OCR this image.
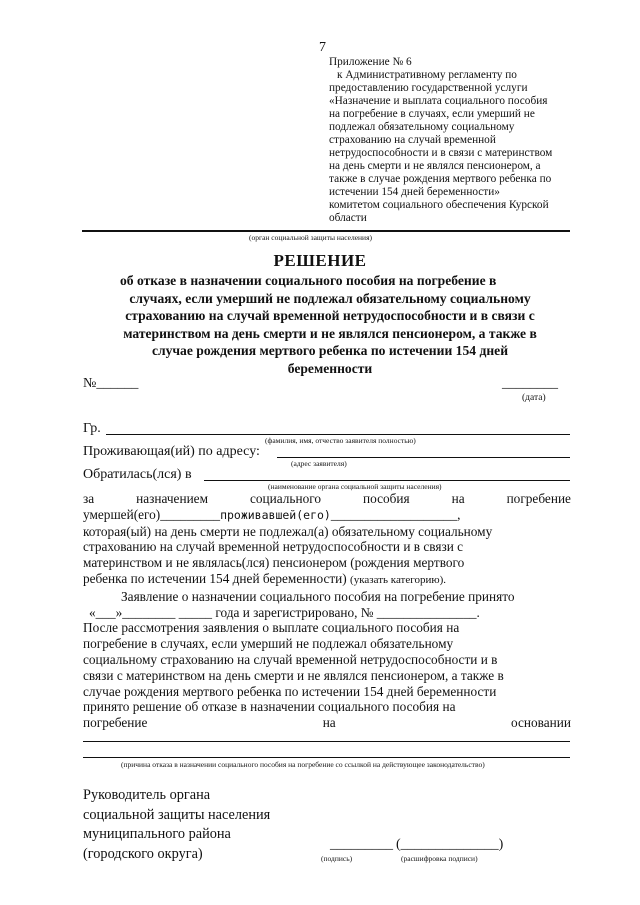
7
Приложение № 6
к Административному регламенту по
предоставлению государственной услуги
«Назначение и выплата социального пособия
на погребение в случаях, если умерший не
подлежал обязательному социальному
страхованию на случай временной
нетрудоспособности и в связи с материнством
на день смерти и не являлся пенсионером, а
также в случае рождения мертвого ребенка по
истечении 154 дней беременности»
комитетом социального обеспечения Курской
области
(орган социальной защиты населения)
РЕШЕНИЕ
об отказе в назначении социального пособия на погребение в
случаях, если умерший не подлежал обязательному социальному
страхованию на случай временной нетрудоспособности и в связи с
материнством на день смерти и не являлся пенсионером, а также в
случае рождения мертвого ребенка по истечении 154 дней
беременности
№______	________
(дата)
Гр.
(фамилия, имя, отчество заявителя полностью)
Проживающая(ий) по адресу:
(адрес заявителя)
Обратилась(лся) в
(наименование органа социальной защиты населения)
за	назначением	социального	пособия	на	погребение
умершей(его)_________проживавшей(его)___________________,
которая(ый) на день смерти не подлежал(а) обязательному социальному
страхованию на случай временной нетрудоспособности и в связи с
материнством и не являлась(лся) пенсионером (рождения мертвого
ребенка по истечении 154 дней беременности) (указать категорию).
Заявление о назначении социального пособия на погребение принято
«___»________ _____ года и зарегистрировано, № _______________.
После рассмотрения заявления о выплате социального пособия на
погребение в случаях, если умерший не подлежал обязательному
социальному страхованию на случай временной нетрудоспособности и в
связи с материнством на день смерти и не являлся пенсионером, а также в
случае рождения мертвого ребенка по истечении 154 дней беременности
принято решение об отказе в назначении социального пособия на
погребение	на	основании
(причина отказа в назначении социального пособия на погребение со ссылкой на действующее законодательство)
Руководитель органа
социальной защиты населения
муниципального района
(городского округа)
_________ (______________)
(подпись)	(расшифровка подписи)
